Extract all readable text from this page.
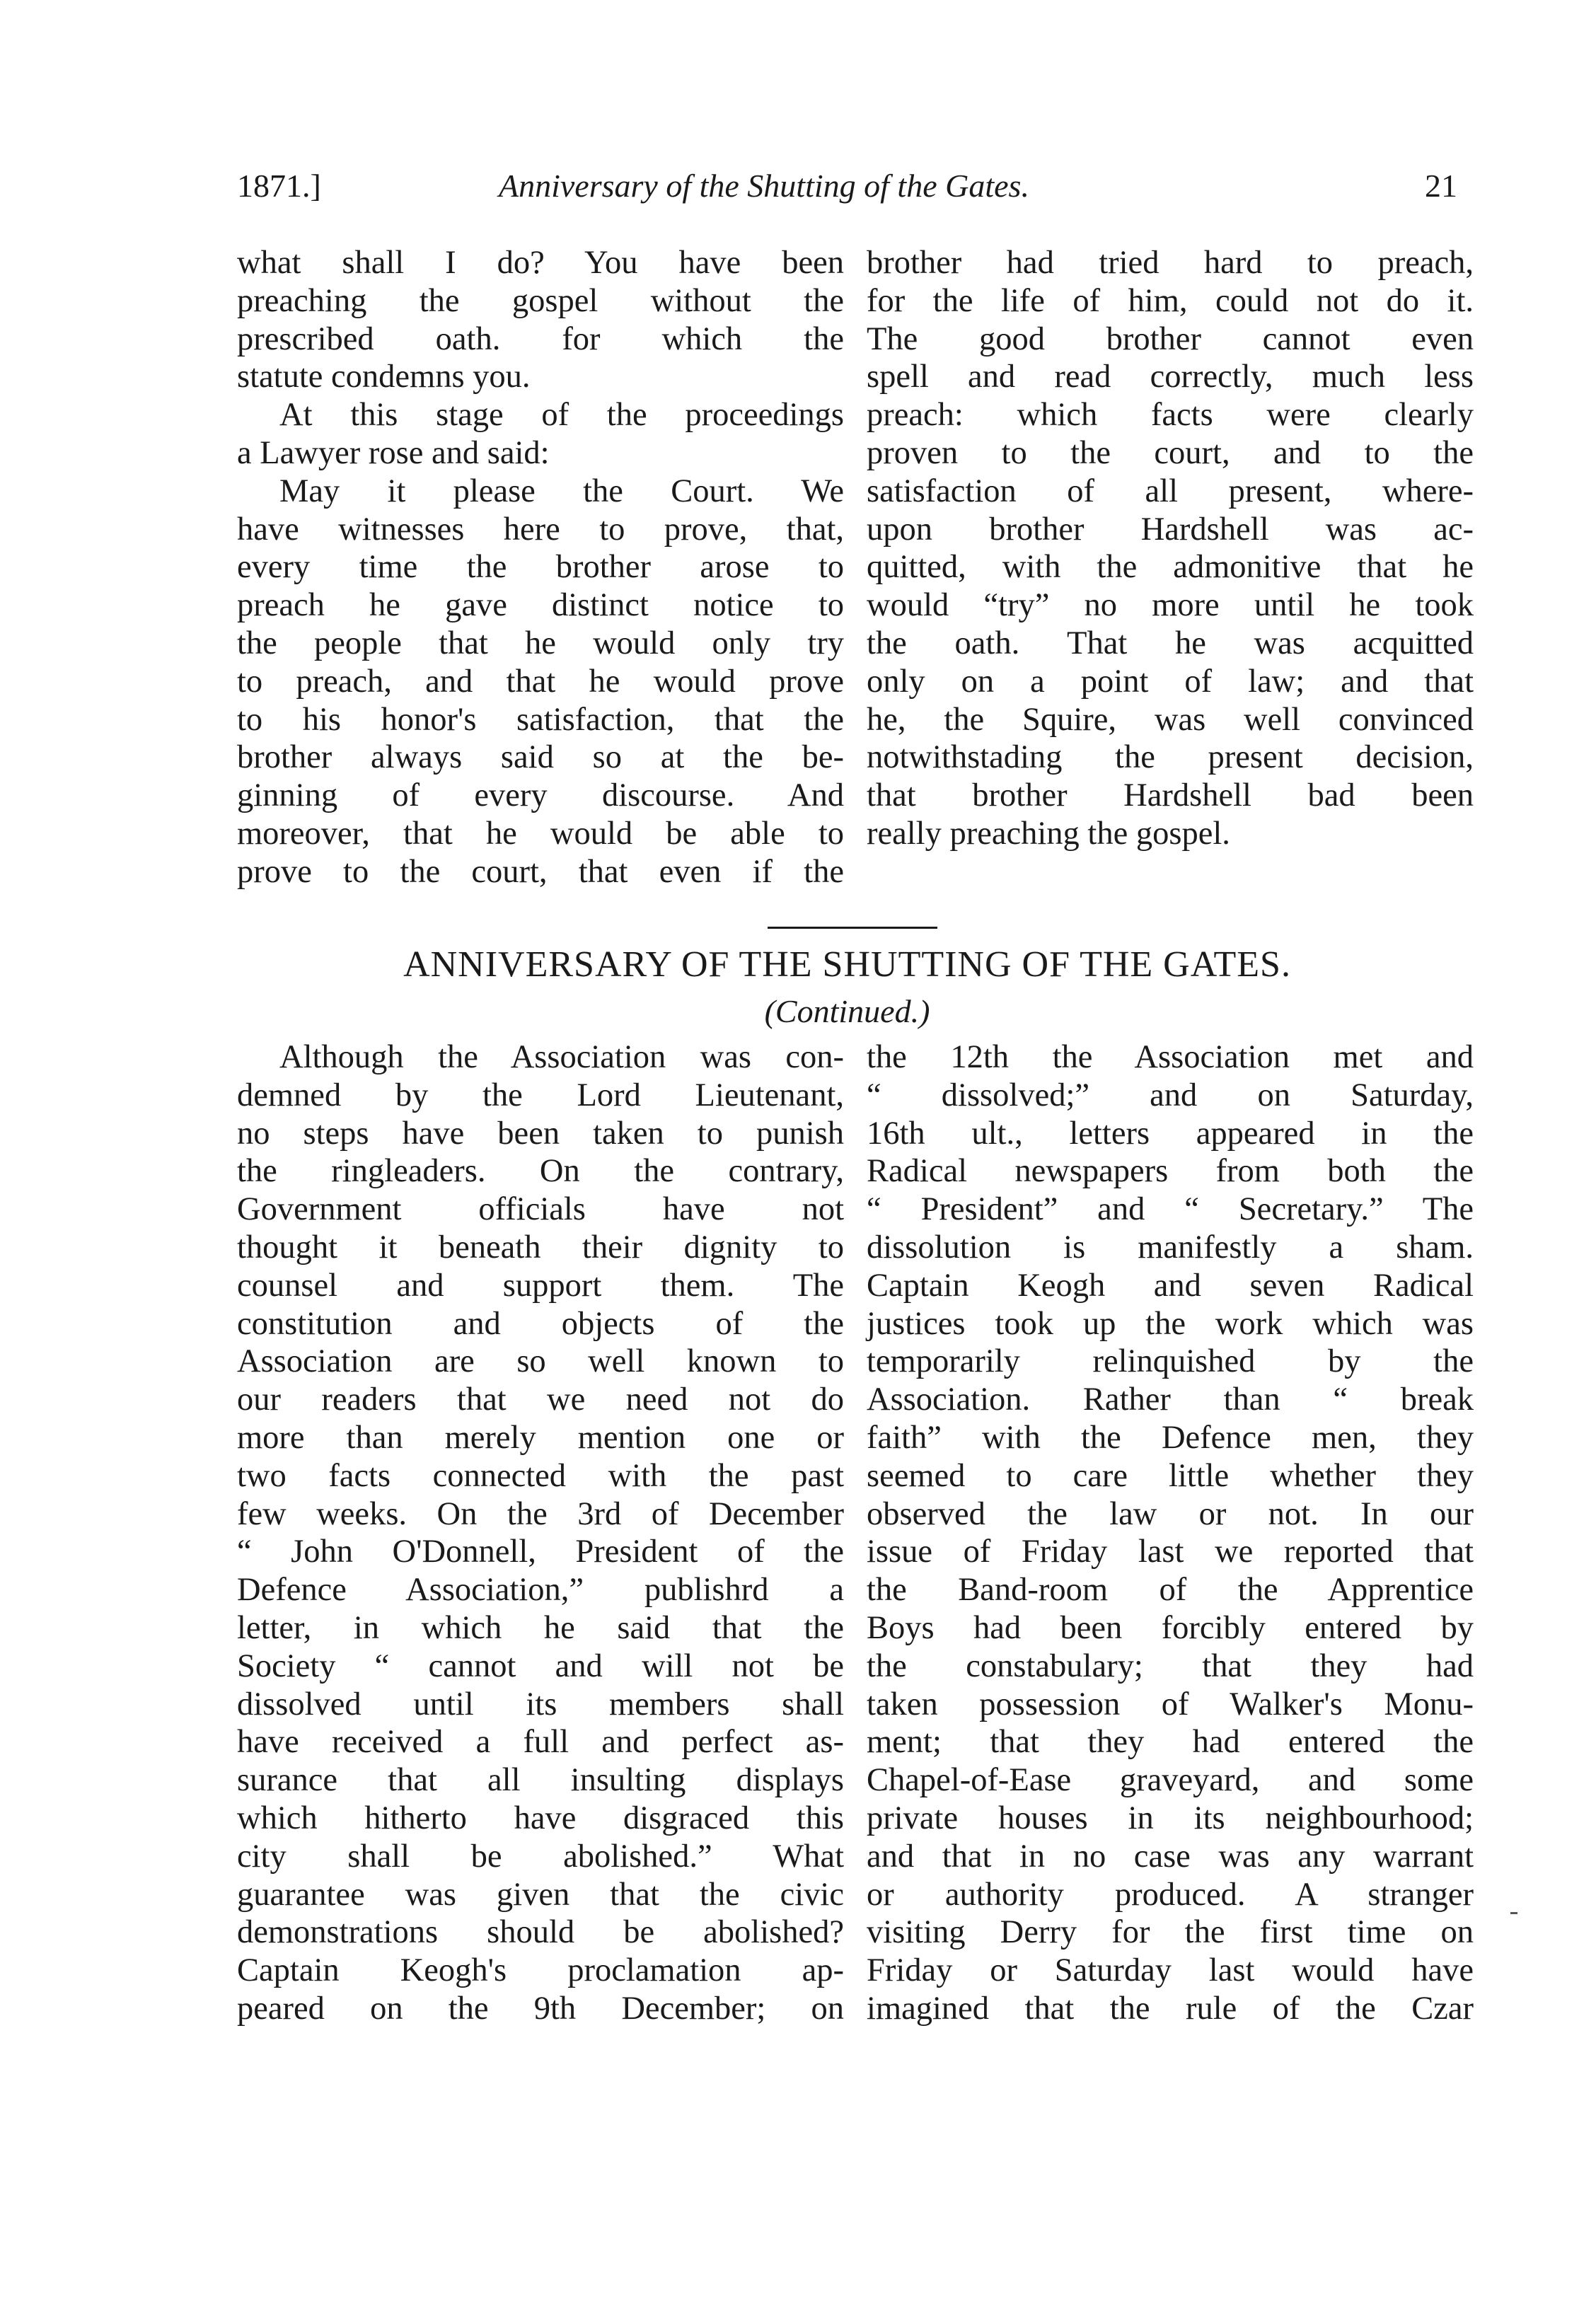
1871.]	Anniversary of the Shutting of the Gates.	21

what shall I do? You have been

preaching the gospel without the

prescribed oath. for which the

statute condemns you.

At this stage of the proceedings

a Lawyer rose and said:

May it please the Court. We

have witnesses here to prove, that,

every time the brother arose to

preach he gave distinct notice to

the people that he would only try

to preach, and that he would prove

to his honor's satisfaction, that the

brother always said so at the be-

ginning of every discourse. And

moreover, that he would be able to

prove to the court, that even if the

brother had tried hard to preach,

for the life of him, could not do it.

The good brother cannot even

spell and read correctly, much less

preach: which facts were clearly

proven to the court, and to the

satisfaction of all present, where-

upon brother Hardshell was ac-

quitted, with the admonitive that he

would “try” no more until he took

the oath. That he was acquitted

only on a point of law; and that

he, the Squire, was well convinced

notwithstading the present decision,

that brother Hardshell bad been

really preaching the gospel.

ANNIVERSARY OF THE SHUTTING OF THE GATES.
(Continued.)

Although the Association was con-

demned by the Lord Lieutenant,

no steps have been taken to punish

the ringleaders. On the contrary,

Government officials have not

thought it beneath their dignity to

counsel and support them. The

constitution and objects of the

Association are so well known to

our readers that we need not do

more than merely mention one or

two facts connected with the past

few weeks. On the 3rd of December

“ John O'Donnell, President of the

Defence Association,” publishrd a

letter, in which he said that the

Society “ cannot and will not be

dissolved until its members shall

have received a full and perfect as-

surance that all insulting displays

which hitherto have disgraced this

city shall be abolished.” What

guarantee was given that the civic

demonstrations should be abolished?

Captain Keogh's proclamation ap-

peared on the 9th December; on

the 12th the Association met and

“ dissolved;” and on Saturday,

16th ult., letters appeared in the

Radical newspapers from both the

“ President” and “ Secretary.” The

dissolution is manifestly a sham.

Captain Keogh and seven Radical

justices took up the work which was

temporarily relinquished by the

Association. Rather than “ break

faith” with the Defence men, they

seemed to care little whether they

observed the law or not. In our

issue of Friday last we reported that

the Band-room of the Apprentice

Boys had been forcibly entered by

the constabulary; that they had

taken possession of Walker's Monu-

ment; that they had entered the

Chapel-of-Ease graveyard, and some

private houses in its neighbourhood;

and that in no case was any warrant

or authority produced. A stranger

visiting Derry for the first time on

Friday or Saturday last would have

imagined that the rule of the Czar
